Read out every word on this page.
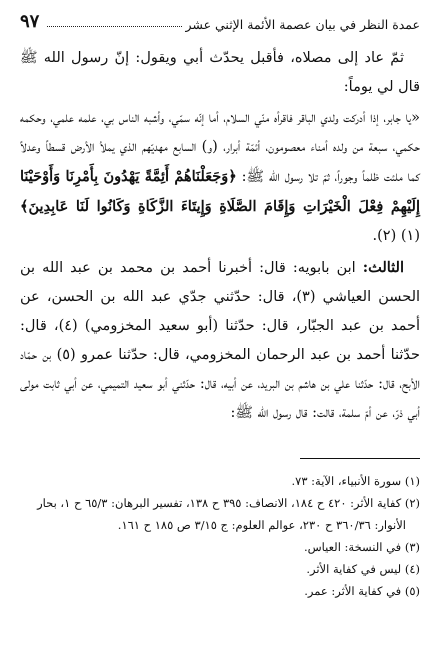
عمدة النظر في بيان عصمة الأئمة الإثني عشر
٩٧

ثمّ عاد إلى مصلاه، فأقبل يحدّث أبي ويقول: إنّ رسول الله ﷺ قال لي يوماً:

«يا جابر، إذا أدركت ولدي الباقر فاقرأه منّي السلام، أما إنّه سمّي، وأشبه الناس بي، علمه علمي، وحكمه حكمي، سبعة من ولده أمناء معصومون، أئمّة أبرار، (و) السابع مهديّهم الذي يملأ الأرض قسطاً وعدلاً كما ملئت ظلماً وجوراً، ثمّ تلا رسول الله ﷺ: ﴿وَجَعَلْنَاهُمْ أَئِمَّةً يَهْدُونَ بِأَمْرِنَا وَأَوْحَيْنَا إِلَيْهِمْ فِعْلَ الْخَيْرَاتِ وَإِقَامَ الصَّلَاةِ وَإِيتَاءَ الزَّكَاةِ وَكَانُوا لَنَا عَابِدِينَ﴾ (١) (٢).

الثالث: ابن بابويه: قال: أخبرنا أحمد بن محمد بن عبد الله بن الحسن العياشي (٣)، قال: حدّثني جدّي عبد الله بن الحسن، عن أحمد بن عبد الجبّار، قال: حدّثنا (أبو سعيد المخزومي) (٤)، قال: حدّثنا أحمد بن عبد الرحمان المخزومي، قال: حدّثنا عمرو (٥) بن حمّاد الأبح، قال: حدّثنا علي بن هاشم بن البريد، عن أبيه، قال: حدّثني أبو سعيد التميمي، عن أبي ثابت مولى أبي ذرّ، عن أمّ سلمة، قالت: قال رسول الله ﷺ:

(١) سورة الأنبياء، الآية: ٧٣.
(٢) كفاية الأثر: ٤٢٠ ح ١٨٤، الانصاف: ٣٩٥ ح ١٣٨، تفسير البرهان: ٦٥/٣ ح ١، بحار
الأنوار: ٣٦٠/٣٦ ح ٢٣٠، عوالم العلوم: ج ٣/١٥ ص ١٨٥ ح ١٦١.
(٣) في النسخة: العياس.
(٤) ليس في كفاية الأثر.
(٥) في كفاية الأثر: عمر.
